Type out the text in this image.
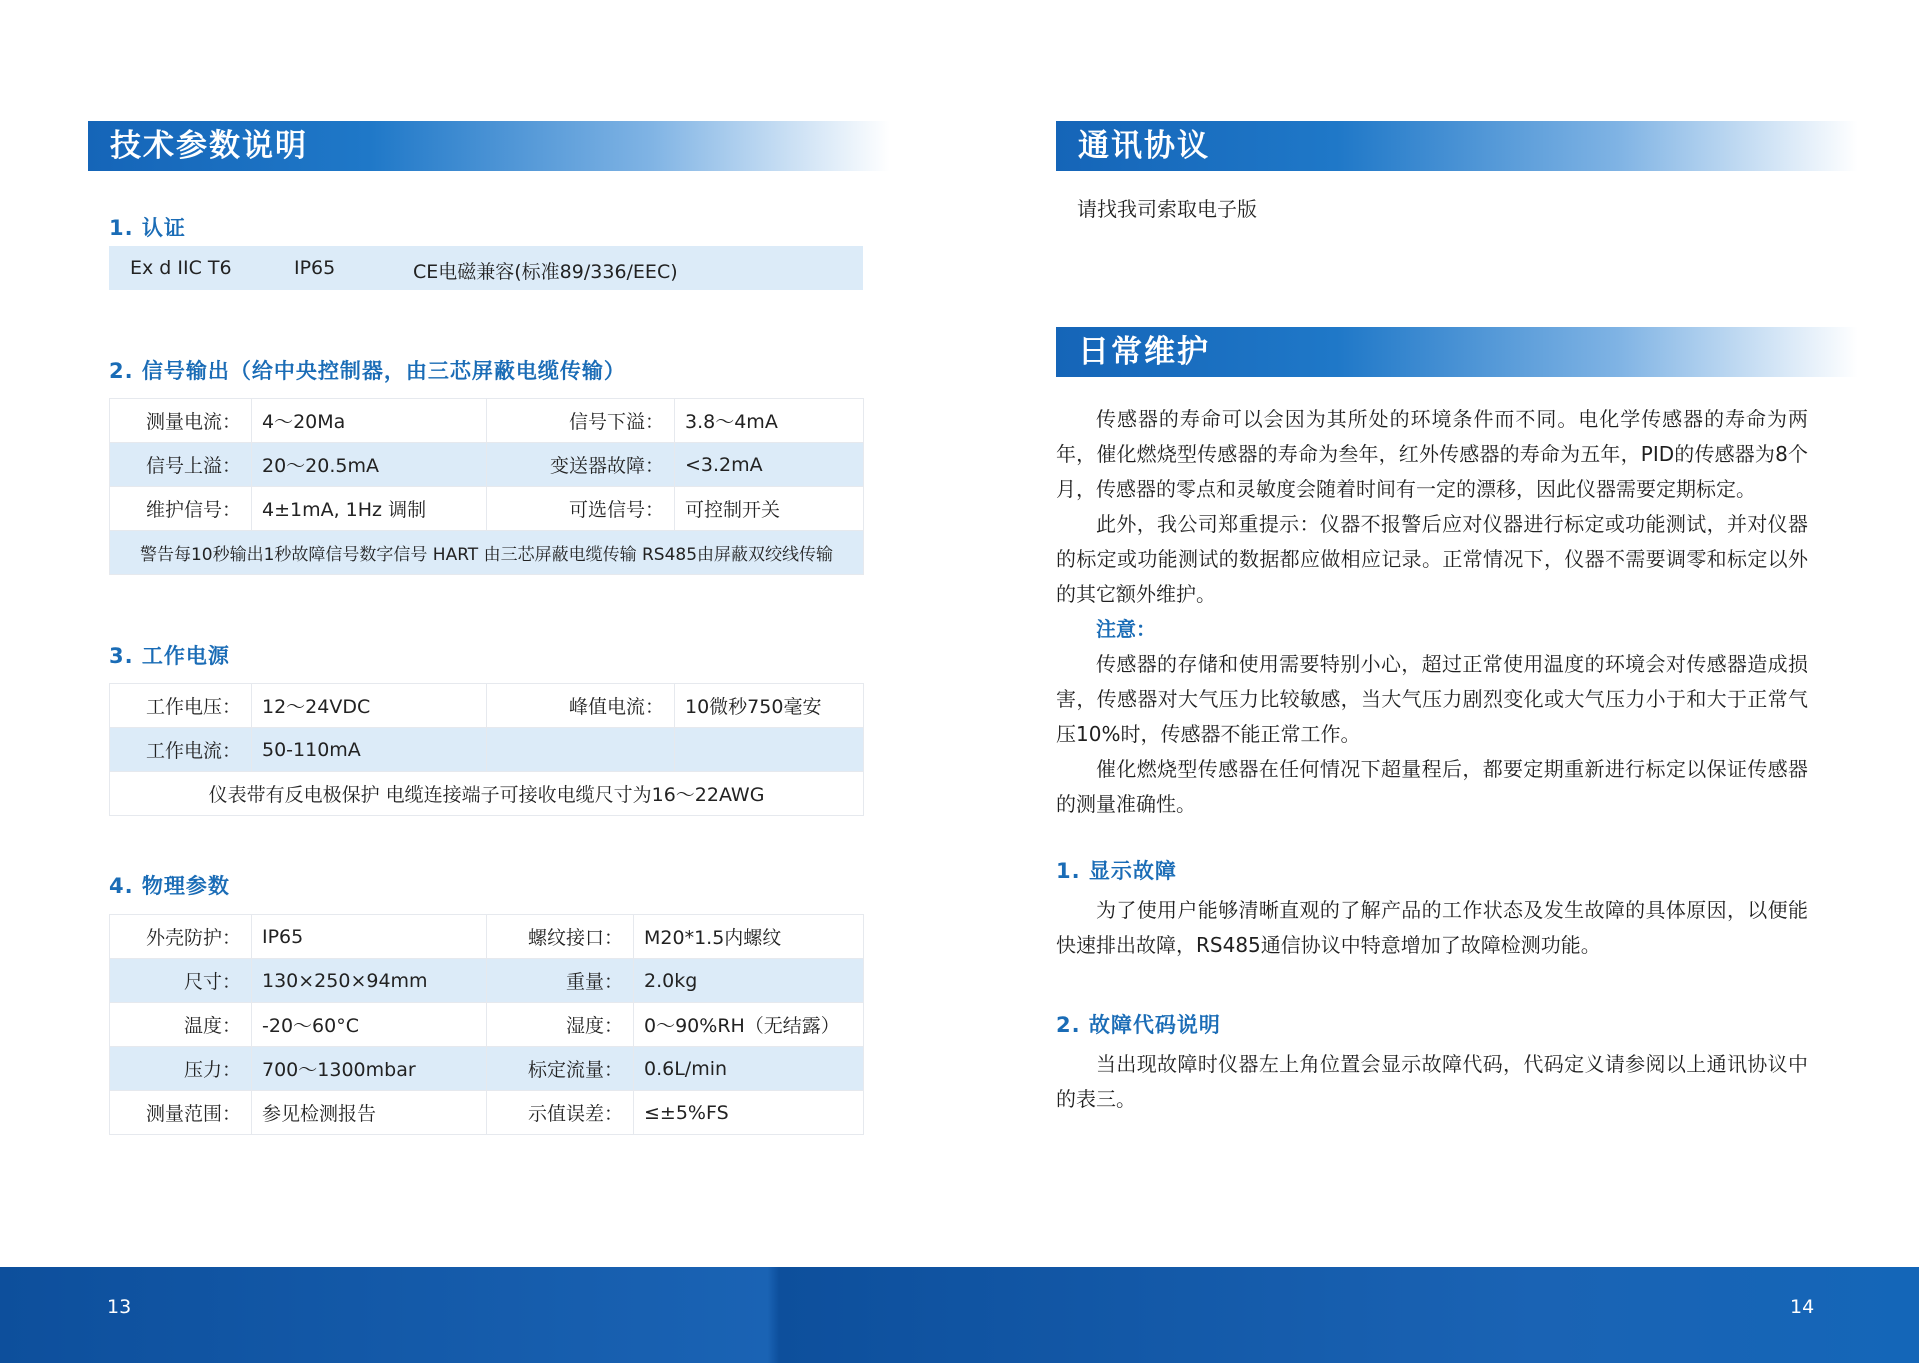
技术参数说明
1. 认证
Ex d IIC T6	IP65	CE电磁兼容(标准89/336/EEC)
2. 信号输出（给中央控制器，由三芯屏蔽电缆传输）
测量电流：	4～20Ma	信号下溢：	3.8～4mA
信号上溢：	20～20.5mA	变送器故障：	<3.2mA
维护信号：	4±1mA, 1Hz 调制	可选信号：	可控制开关
警告每10秒输出1秒故障信号数字信号 HART 由三芯屏蔽电缆传输 RS485由屏蔽双绞线传输			
3. 工作电源
工作电压：	12～24VDC	峰值电流：	10微秒750毫安
工作电流：	50-110mA		
仪表带有反电极保护 电缆连接端子可接收电缆尺寸为16～22AWG			
4. 物理参数
外壳防护：	IP65	螺纹接口：	M20*1.5内螺纹
尺寸：	130×250×94mm	重量：	2.0kg
温度：	-20～60°C	湿度：	0～90%RH（无结露）
压力：	700～1300mbar	标定流量：	0.6L/min
测量范围：	参见检测报告	示值误差：	≤±5%FS
通讯协议
请找我司索取电子版
日常维护

传感器的寿命可以会因为其所处的环境条件而不同。电化学传感器的寿命为两年，催化燃烧型传感器的寿命为叁年，红外传感器的寿命为五年，PID的传感器为8个月，传感器的零点和灵敏度会随着时间有一定的漂移，因此仪器需要定期标定。

此外，我公司郑重提示：仪器不报警后应对仪器进行标定或功能测试，并对仪器的标定或功能测试的数据都应做相应记录。正常情况下，仪器不需要调零和标定以外的其它额外维护。

注意：

传感器的存储和使用需要特别小心，超过正常使用温度的环境会对传感器造成损害，传感器对大气压力比较敏感，当大气压力剧烈变化或大气压力小于和大于正常气压10%时，传感器不能正常工作。

催化燃烧型传感器在任何情况下超量程后，都要定期重新进行标定以保证传感器的测量准确性。

1. 显示故障

为了使用户能够清晰直观的了解产品的工作状态及发生故障的具体原因，以便能快速排出故障，RS485通信协议中特意增加了故障检测功能。

2. 故障代码说明

当出现故障时仪器左上角位置会显示故障代码，代码定义请参阅以上通讯协议中的表三。

13	14
